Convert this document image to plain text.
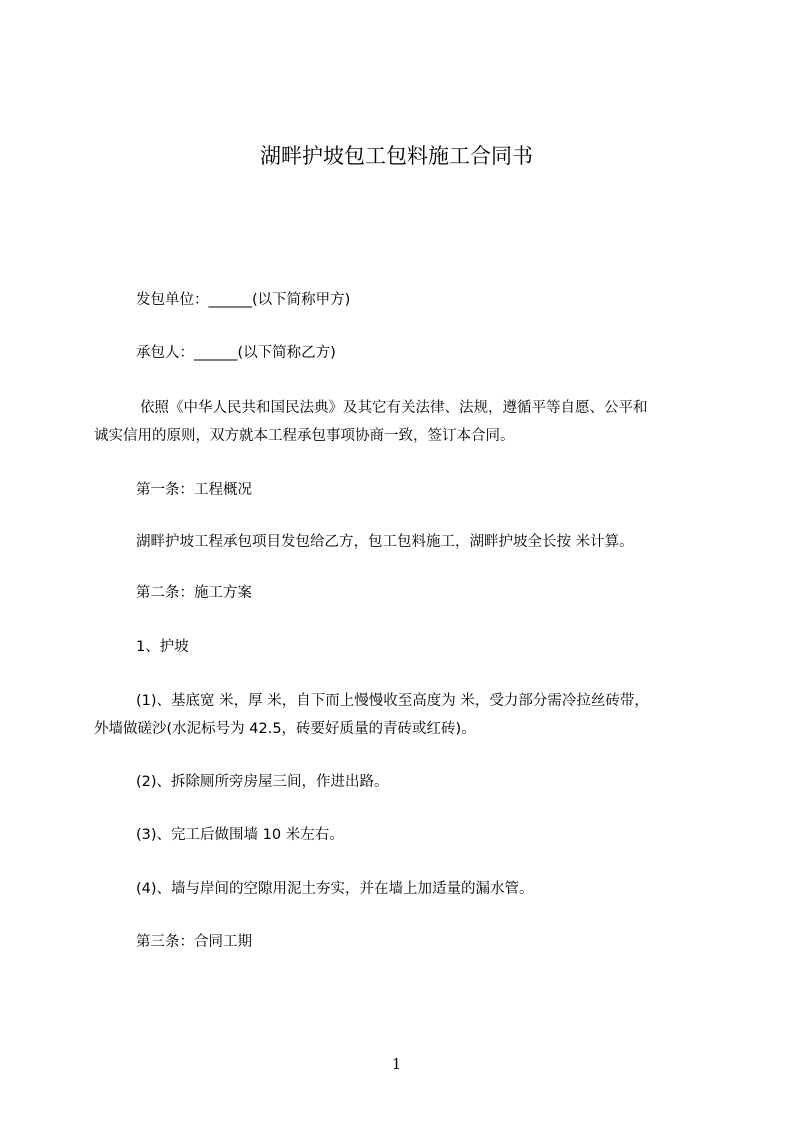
湖畔护坡包工包料施工合同书
发包单位：______(以下简称甲方)
承包人：______(以下简称乙方)
依照《中华人民共和国民法典》及其它有关法律、法规，遵循平等自愿、公平和
诚实信用的原则，双方就本工程承包事项协商一致，签订本合同。
第一条：工程概况
湖畔护坡工程承包项目发包给乙方，包工包料施工，湖畔护坡全长按 米计算。
第二条：施工方案
1、护坡
(1)、基底宽 米，厚 米，自下而上慢慢收至高度为 米，受力部分需冷拉丝砖带，
外墙做磋沙(水泥标号为 42.5，砖要好质量的青砖或红砖)。
(2)、拆除厕所旁房屋三间，作进出路。
(3)、完工后做围墙 10 米左右。
(4)、墙与岸间的空隙用泥土夯实，并在墙上加适量的漏水管。
第三条：合同工期
1
